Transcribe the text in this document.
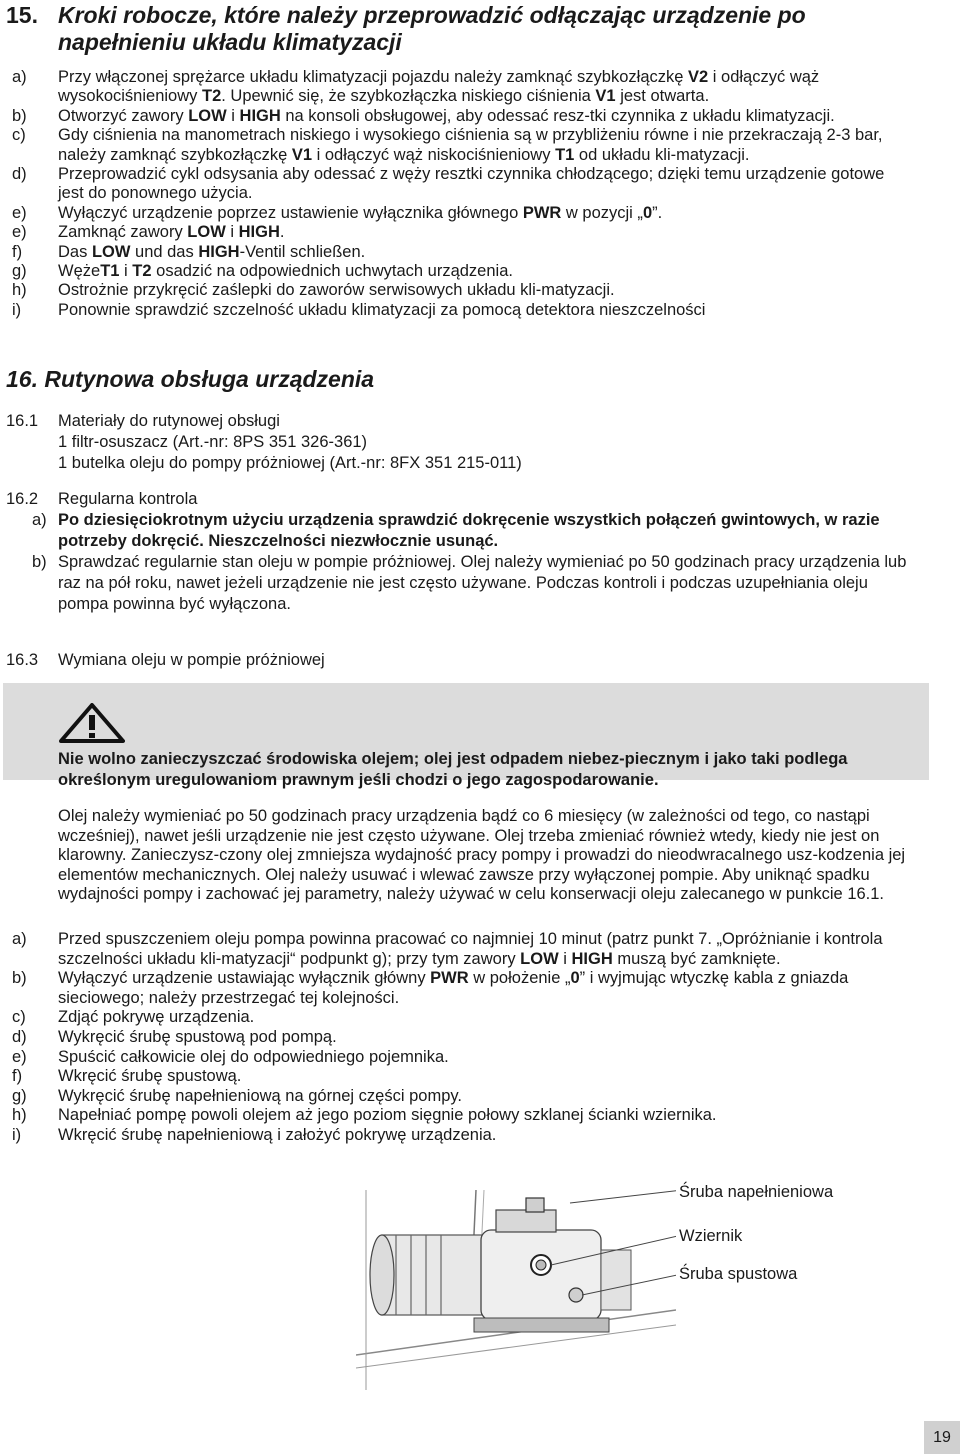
15. Kroki robocze, które należy przeprowadzić odłączając urządzenie po napełnieniu układu klimatyzacji
a) Przy włączonej sprężarce układu klimatyzacji pojazdu należy zamknąć szybkozłączkę V2 i odłączyć wąż wysokociśnieniowy T2. Upewnić się, że szybkozłączka niskiego ciśnienia V1 jest otwarta.
b) Otworzyć zawory LOW i HIGH na konsoli obsługowej, aby odessać resz-tki czynnika z układu klimatyzacji.
c) Gdy ciśnienia na manometrach niskiego i wysokiego ciśnienia są w przybliżeniu równe i nie przekraczają 2-3 bar, należy zamknąć szybkozłączkę V1 i odłączyć wąż niskociśnieniowy T1 od układu kli-matyzacji.
d) Przeprowadzić cykl odsysania aby odessać z węży resztki czynnika chłodzącego; dzięki temu urządzenie gotowe jest do ponownego użycia.
e) Wyłączyć urządzenie poprzez ustawienie wyłącznika głównego PWR w pozycji „0”.
e) Zamknąć zawory LOW i HIGH.
f) Das LOW und das HIGH-Ventil schließen.
g) WężeT1 i T2 osadzić na odpowiednich uchwytach urządzenia.
h) Ostrożnie przykręcić zaślepki do zaworów serwisowych układu kli-matyzacji.
i) Ponownie sprawdzić szczelność układu klimatyzacji za pomocą detektora nieszczelności
16. Rutynowa obsługa urządzenia
16.1 Materiały do rutynowej obsługi
1 filtr-osuszacz (Art.-nr: 8PS 351 326-361)
1 butelka oleju do pompy próżniowej (Art.-nr: 8FX 351 215-011)
16.2 Regularna kontrola
a) Po dziesięciokrotnym użyciu urządzenia sprawdzić dokręcenie wszystkich połączeń gwintowych, w razie potrzeby dokręcić. Nieszczelności niezwłocznie usunąć.
b) Sprawdzać regularnie stan oleju w pompie próżniowej. Olej należy wymieniać po 50 godzinach pracy urządzenia lub raz na pół roku, nawet jeżeli urządzenie nie jest często używane. Podczas kontroli i podczas uzupełniania oleju pompa powinna być wyłączona.
16.3 Wymiana oleju w pompie próżniowej
Nie wolno zanieczyszczać środowiska olejem; olej jest odpadem niebez-piecznym i jako taki podlega określonym uregulowaniom prawnym jeśli chodzi o jego zagospodarowanie.
Olej należy wymieniać po 50 godzinach pracy urządzenia bądź co 6 miesięcy (w zależności od tego, co nastąpi wcześniej), nawet jeśli urządzenie nie jest często używane. Olej trzeba zmieniać również wtedy, kiedy nie jest on klarowny. Zanieczysz-czony olej zmniejsza wydajność pracy pompy i prowadzi do nieodwracalnego usz-kodzenia jej elementów mechanicznych. Olej należy usuwać i wlewać zawsze przy wyłączonej pompie. Aby uniknąć spadku wydajności pompy i zachować jej parametry, należy używać w celu konserwacji oleju zalecanego w punkcie 16.1.
a) Przed spuszczeniem oleju pompa powinna pracować co najmniej 10 minut (patrz punkt 7. „Opróżnianie i kontrola szczelności układu kli-matyzacji“ podpunkt g); przy tym zawory LOW i HIGH muszą być zamknięte.
b) Wyłączyć urządzenie ustawiając wyłącznik główny PWR w położenie „0” i wyjmując wtyczkę kabla z gniazda sieciowego; należy przestrzegać tej kolejności.
c) Zdjąć pokrywę urządzenia.
d) Wykręcić śrubę spustową pod pompą.
e) Spuścić całkowicie olej do odpowiedniego pojemnika.
f) Wkręcić śrubę spustową.
g) Wykręcić śrubę napełnieniową na górnej części pompy.
h) Napełniać pompę powoli olejem aż jego poziom sięgnie połowy szklanej ścianki wziernika.
i) Wkręcić śrubę napełnieniową i założyć pokrywę urządzenia.
Śruba napełnieniowa
Wziernik
Śruba spustowa
19
